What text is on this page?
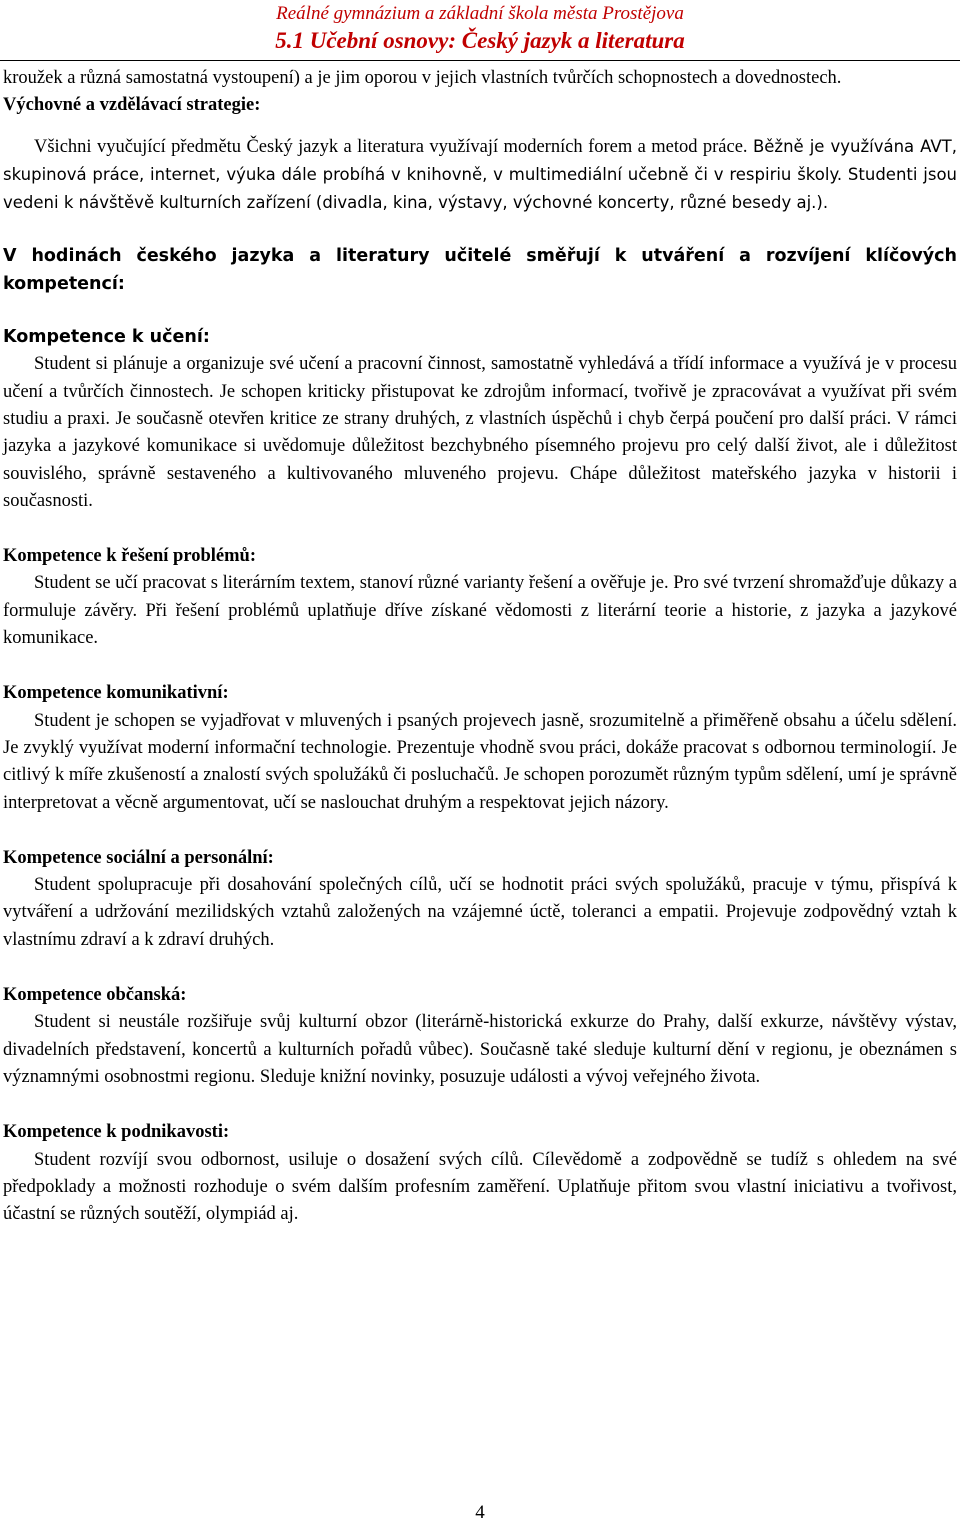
Reálné gymnázium a základní škola města Prostějova
5.1 Učební osnovy: Český jazyk a literatura

kroužek a různá samostatná vystoupení) a je jim oporou v jejich vlastních tvůrčích schopnostech a dovednostech.

Výchovné a vzdělávací strategie:

Všichni vyučující předmětu Český jazyk a literatura využívají moderních forem a metod práce. Běžně je využívána AVT, skupinová práce, internet, výuka dále probíhá v knihovně, v multimediální učebně či v respiriu školy. Studenti jsou vedeni k návštěvě kulturních zařízení (divadla, kina, výstavy, výchovné koncerty, různé besedy aj.).

V hodinách českého jazyka a literatury učitelé směřují k utváření a rozvíjení klíčových kompetencí:

Kompetence k učení:

Student si plánuje a organizuje své učení a pracovní činnost, samostatně vyhledává a třídí informace a využívá je v procesu učení a tvůrčích činnostech. Je schopen kriticky přistupovat ke zdrojům informací, tvořivě je zpracovávat a využívat při svém studiu a praxi. Je současně otevřen kritice ze strany druhých, z vlastních úspěchů i chyb čerpá poučení pro další práci. V rámci jazyka a jazykové komunikace si uvědomuje důležitost bezchybného písemného projevu pro celý další život, ale i důležitost souvislého, správně sestaveného a kultivovaného mluveného projevu. Chápe důležitost mateřského jazyka v historii i současnosti.

Kompetence k řešení problémů:

Student se učí pracovat s literárním textem, stanoví různé varianty řešení a ověřuje je. Pro své tvrzení shromažďuje důkazy a formuluje závěry. Při řešení problémů uplatňuje dříve získané vědomosti z literární teorie a historie, z jazyka a jazykové komunikace.

Kompetence komunikativní:

Student je schopen se vyjadřovat v mluvených i psaných projevech jasně, srozumitelně a přiměřeně obsahu a účelu sdělení. Je zvyklý využívat moderní informační technologie. Prezentuje vhodně svou práci, dokáže pracovat s odbornou terminologií. Je citlivý k míře zkušeností a znalostí svých spolužáků či posluchačů. Je schopen porozumět různým typům sdělení, umí je správně interpretovat a věcně argumentovat, učí se naslouchat druhým a respektovat jejich názory.

Kompetence sociální a personální:

Student spolupracuje při dosahování společných cílů, učí se hodnotit práci svých spolužáků, pracuje v týmu, přispívá k vytváření a udržování mezilidských vztahů založených na vzájemné úctě, toleranci a empatii. Projevuje zodpovědný vztah k vlastnímu zdraví a k zdraví druhých.

Kompetence občanská:

Student si neustále rozšiřuje svůj kulturní obzor (literárně-historická exkurze do Prahy, další exkurze, návštěvy výstav, divadelních představení, koncertů a kulturních pořadů vůbec). Současně také sleduje kulturní dění v regionu, je obeznámen s významnými osobnostmi regionu. Sleduje knižní novinky, posuzuje události a vývoj veřejného života.

Kompetence k podnikavosti:

Student rozvíjí svou odbornost, usiluje o dosažení svých cílů. Cílevědomě a zodpovědně se tudíž s ohledem na své předpoklady a možnosti rozhoduje o svém dalším profesním zaměření. Uplatňuje přitom svou vlastní iniciativu a tvořivost, účastní se různých soutěží, olympiád aj.

4
